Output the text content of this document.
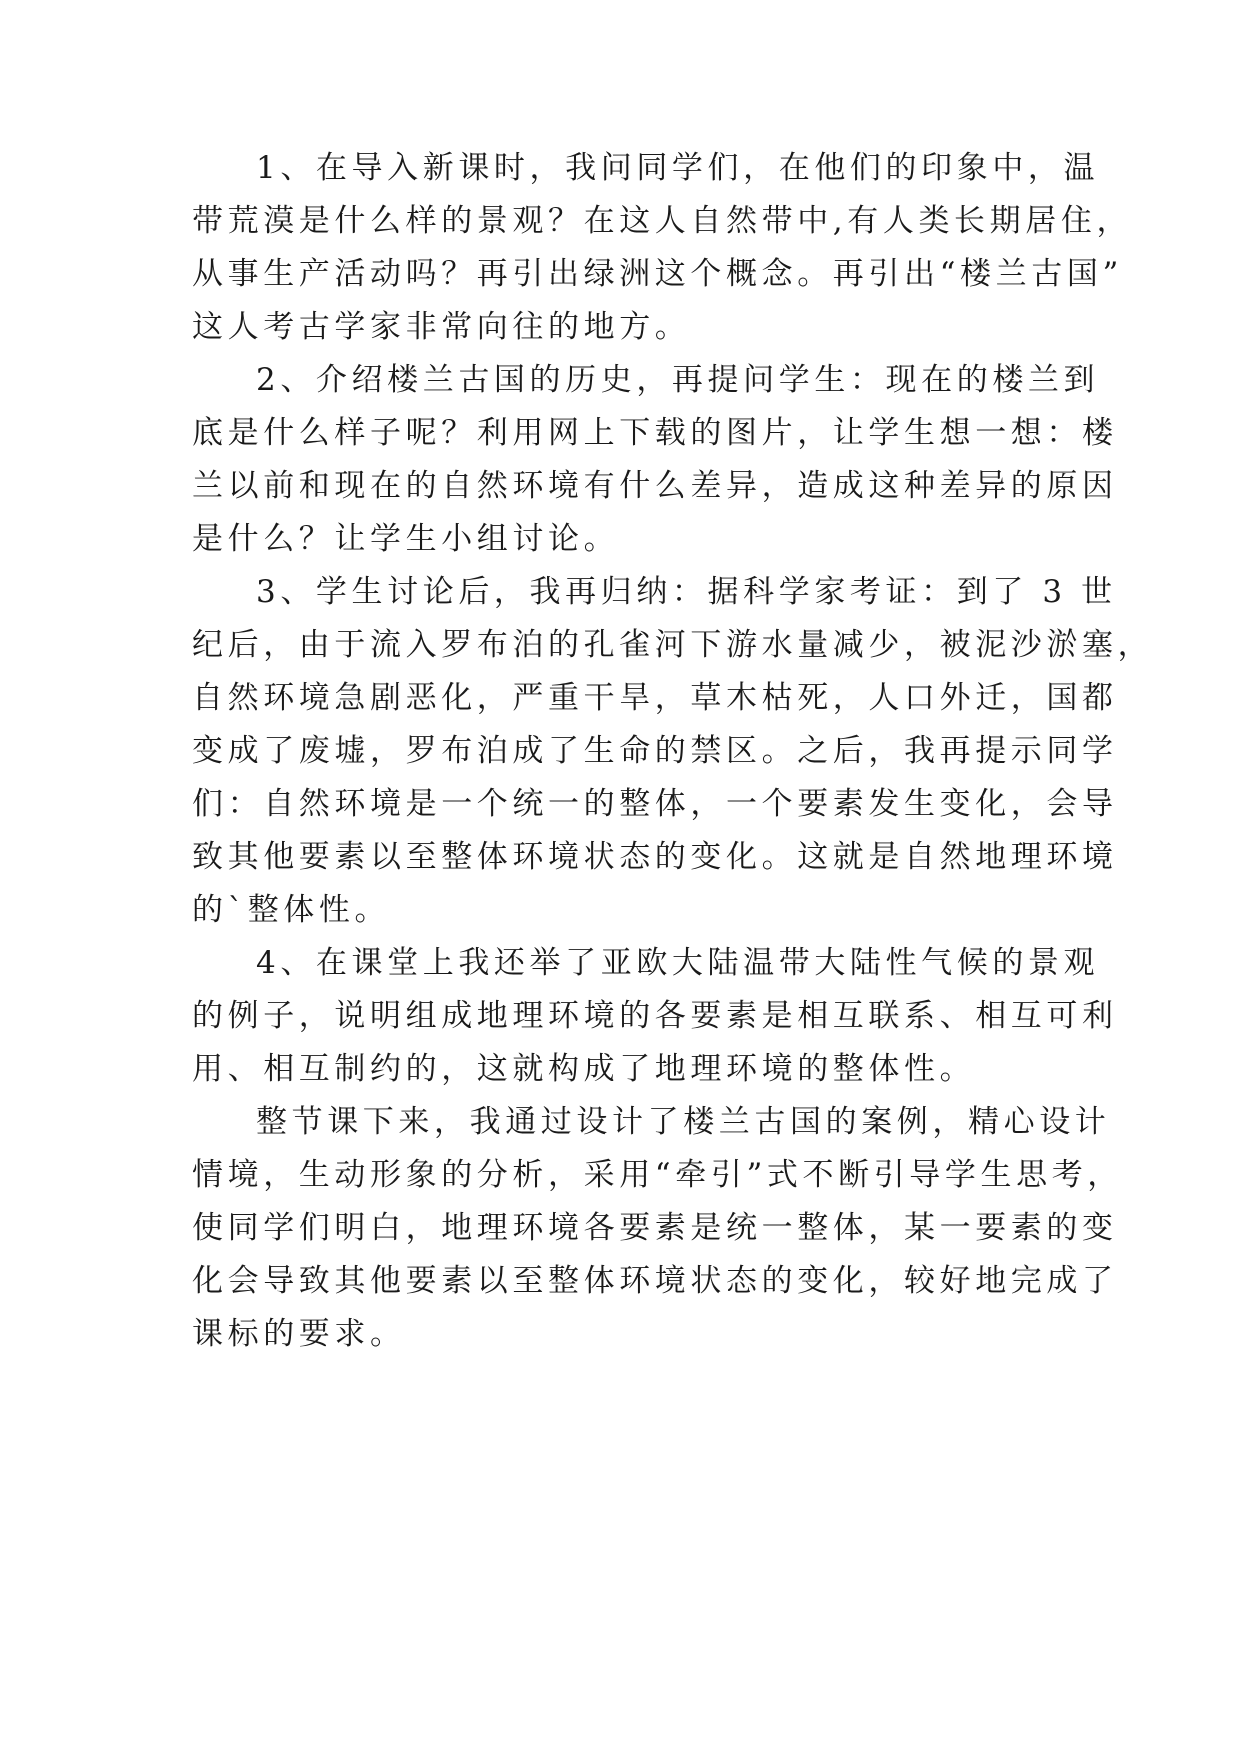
1、在导入新课时，我问同学们，在他们的印象中，温

带荒漠是什么样的景观？在这人自然带中,有人类长期居住，

从事生产活动吗？再引出绿洲这个概念。再引出“楼兰古国”

这人考古学家非常向往的地方。

2、介绍楼兰古国的历史，再提问学生：现在的楼兰到

底是什么样子呢？利用网上下载的图片，让学生想一想：楼

兰以前和现在的自然环境有什么差异，造成这种差异的原因

是什么？让学生小组讨论。

3、学生讨论后，我再归纳：据科学家考证：到了 3 世

纪后，由于流入罗布泊的孔雀河下游水量减少，被泥沙淤塞，

自然环境急剧恶化，严重干旱，草木枯死，人口外迁，国都

变成了废墟，罗布泊成了生命的禁区。之后，我再提示同学

们：自然环境是一个统一的整体，一个要素发生变化，会导

致其他要素以至整体环境状态的变化。这就是自然地理环境

的`整体性。

4、在课堂上我还举了亚欧大陆温带大陆性气候的景观

的例子，说明组成地理环境的各要素是相互联系、相互可利

用、相互制约的，这就构成了地理环境的整体性。

整节课下来，我通过设计了楼兰古国的案例，精心设计

情境，生动形象的分析，采用“牵引”式不断引导学生思考，

使同学们明白，地理环境各要素是统一整体，某一要素的变

化会导致其他要素以至整体环境状态的变化，较好地完成了

课标的要求。
